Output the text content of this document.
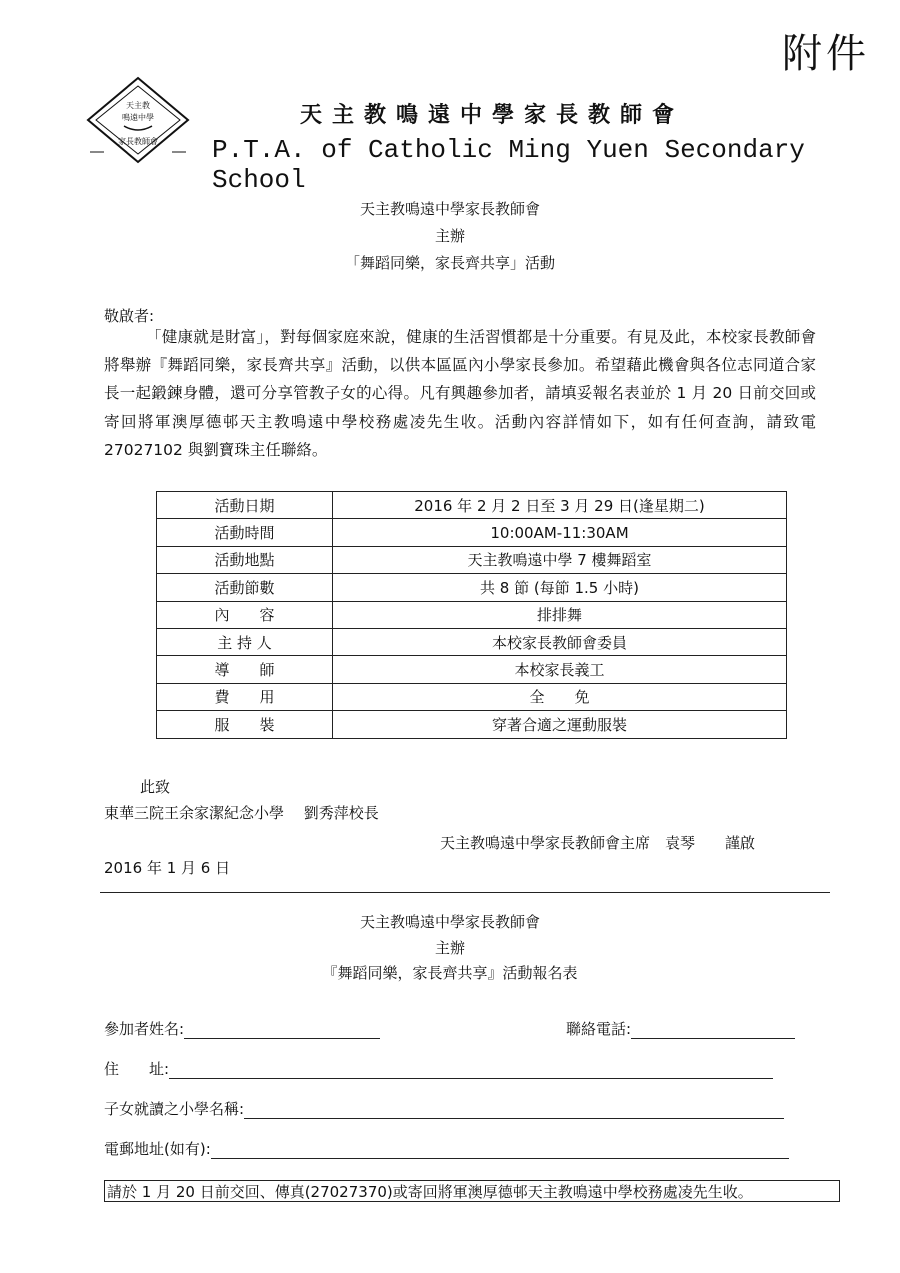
附件
天主教
鳴遠中學
家長教師會
天主教鳴遠中學家長教師會
P.T.A. of Catholic Ming Yuen Secondary School
天主教鳴遠中學家長教師會
主辦
「舞蹈同樂，家長齊共享」活動
敬啟者:

「健康就是財富」，對每個家庭來說，健康的生活習慣都是十分重要。有見及此，本校家長教師會將舉辦『舞蹈同樂，家長齊共享』活動，以供本區區內小學家長參加。希望藉此機會與各位志同道合家長一起鍛鍊身體，還可分享管教子女的心得。凡有興趣參加者，請填妥報名表並於 1 月 20 日前交回或寄回將軍澳厚德邨天主教鳴遠中學校務處凌先生收。活動內容詳情如下，如有任何查詢，請致電 27027102 與劉寶珠主任聯絡。

活動日期	2016 年 2 月 2 日至 3 月 29 日(逢星期二)
活動時間	10:00AM-11:30AM
活動地點	天主教鳴遠中學 7 樓舞蹈室
活動節數	共 8 節 (每節 1.5 小時)
內　　容	排排舞
主 持 人	本校家長教師會委員
導　　師	本校家長義工
費　　用	全　　免
服　　裝	穿著合適之運動服裝
此致
東華三院王余家潔紀念小學　 劉秀萍校長
天主教鳴遠中學家長教師會主席　袁琴　　謹啟
2016 年 1 月 6 日
天主教鳴遠中學家長教師會
主辦
『舞蹈同樂，家長齊共享』活動報名表
參加者姓名:	聯絡電話:
住　　址:
子女就讀之小學名稱:
電郵地址(如有):
請於 1 月 20 日前交回、傳真(27027370)或寄回將軍澳厚德邨天主教鳴遠中學校務處凌先生收。
